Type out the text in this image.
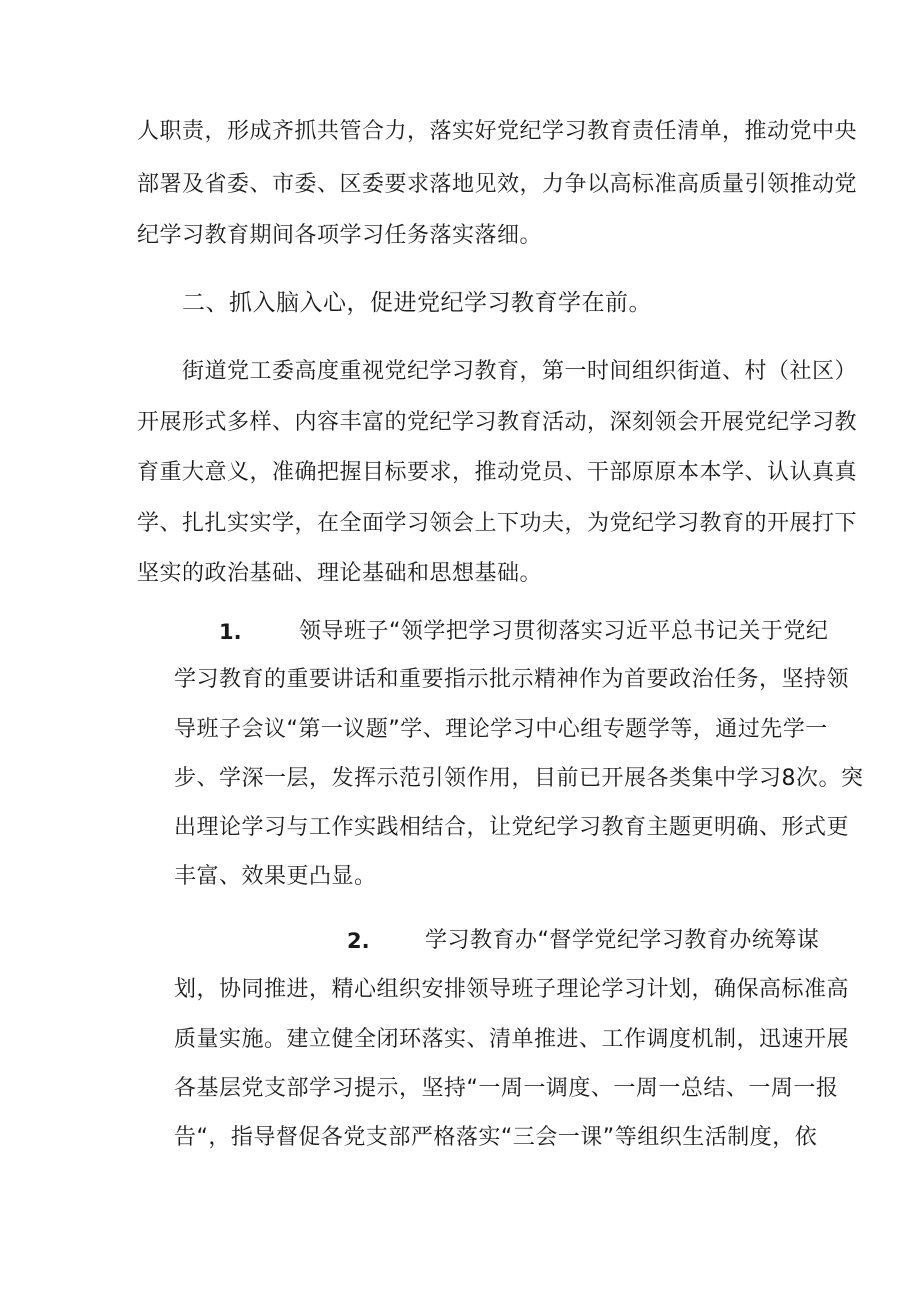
人职责，形成齐抓共管合力，落实好党纪学习教育责任清单，推动党中央
部署及省委、市委、区委要求落地见效，力争以高标准高质量引领推动党
纪学习教育期间各项学习任务落实落细。
二、抓入脑入心，促进党纪学习教育学在前。
街道党工委高度重视党纪学习教育，第一时间组织街道、村（社区）
开展形式多样、内容丰富的党纪学习教育活动，深刻领会开展党纪学习教
育重大意义，准确把握目标要求，推动党员、干部原原本本学、认认真真
学、扎扎实实学，在全面学习领会上下功夫，为党纪学习教育的开展打下
坚实的政治基础、理论基础和思想基础。
1.	领导班子“领学把学习贯彻落实习近平总书记关于党纪
学习教育的重要讲话和重要指示批示精神作为首要政治任务，坚持领
导班子会议“第一议题”学、理论学习中心组专题学等，通过先学一
步、学深一层，发挥示范引领作用，目前已开展各类集中学习8次。突
出理论学习与工作实践相结合，让党纪学习教育主题更明确、形式更
丰富、效果更凸显。
2.	学习教育办“督学党纪学习教育办统筹谋
划，协同推进，精心组织安排领导班子理论学习计划，确保高标准高
质量实施。建立健全闭环落实、清单推进、工作调度机制，迅速开展
各基层党支部学习提示，坚持“一周一调度、一周一总结、一周一报
告“，指导督促各党支部严格落实“三会一课”等组织生活制度，依
